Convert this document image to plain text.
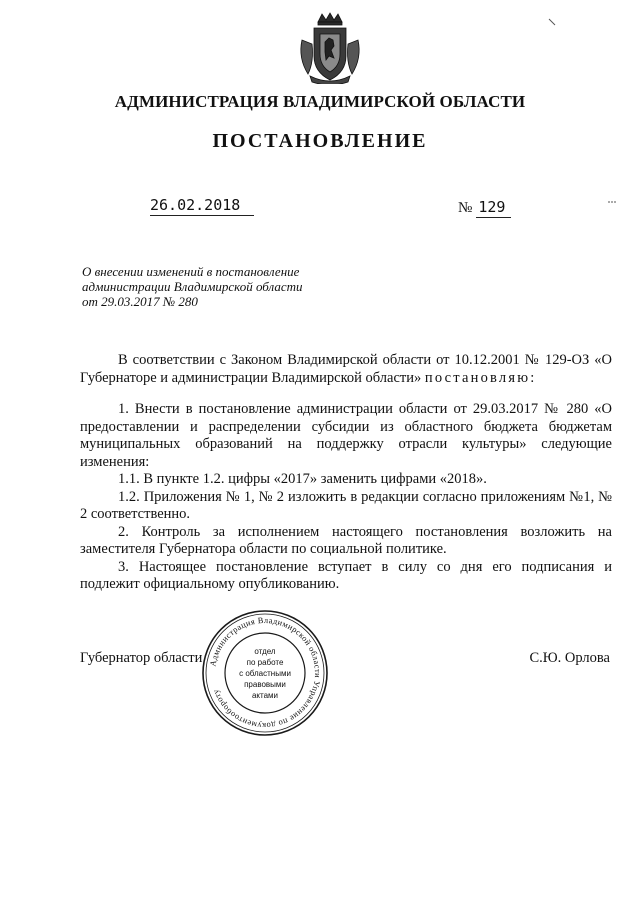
АДМИНИСТРАЦИЯ ВЛАДИМИРСКОЙ ОБЛАСТИ
ПОСТАНОВЛЕНИЕ
26.02.2018	№ 129
О внесении изменений в постановление
администрации Владимирской области
от 29.03.2017 № 280

В соответствии с Законом Владимирской области от 10.12.2001 № 129-ОЗ «О Губернаторе и администрации Владимирской области» постановляю:

1. Внести в постановление администрации области от 29.03.2017 № 280 «О предоставлении и распределении субсидии из областного бюджета бюджетам муниципальных образований на поддержку отрасли культуры» следующие изменения:

1.1. В пункте 1.2. цифры «2017» заменить цифрами «2018».

1.2. Приложения № 1, № 2 изложить в редакции согласно приложениям №1, № 2 соответственно.

2. Контроль за исполнением настоящего постановления возложить на заместителя Губернатора области по социальной политике.

3. Настоящее постановление вступает в силу со дня его подписания и подлежит официальному опубликованию.

Губернатор области	С.Ю. Орлова
Администрация Владимирской области Управление по документообороту
отдел
по работе
с областными
правовыми
актами
